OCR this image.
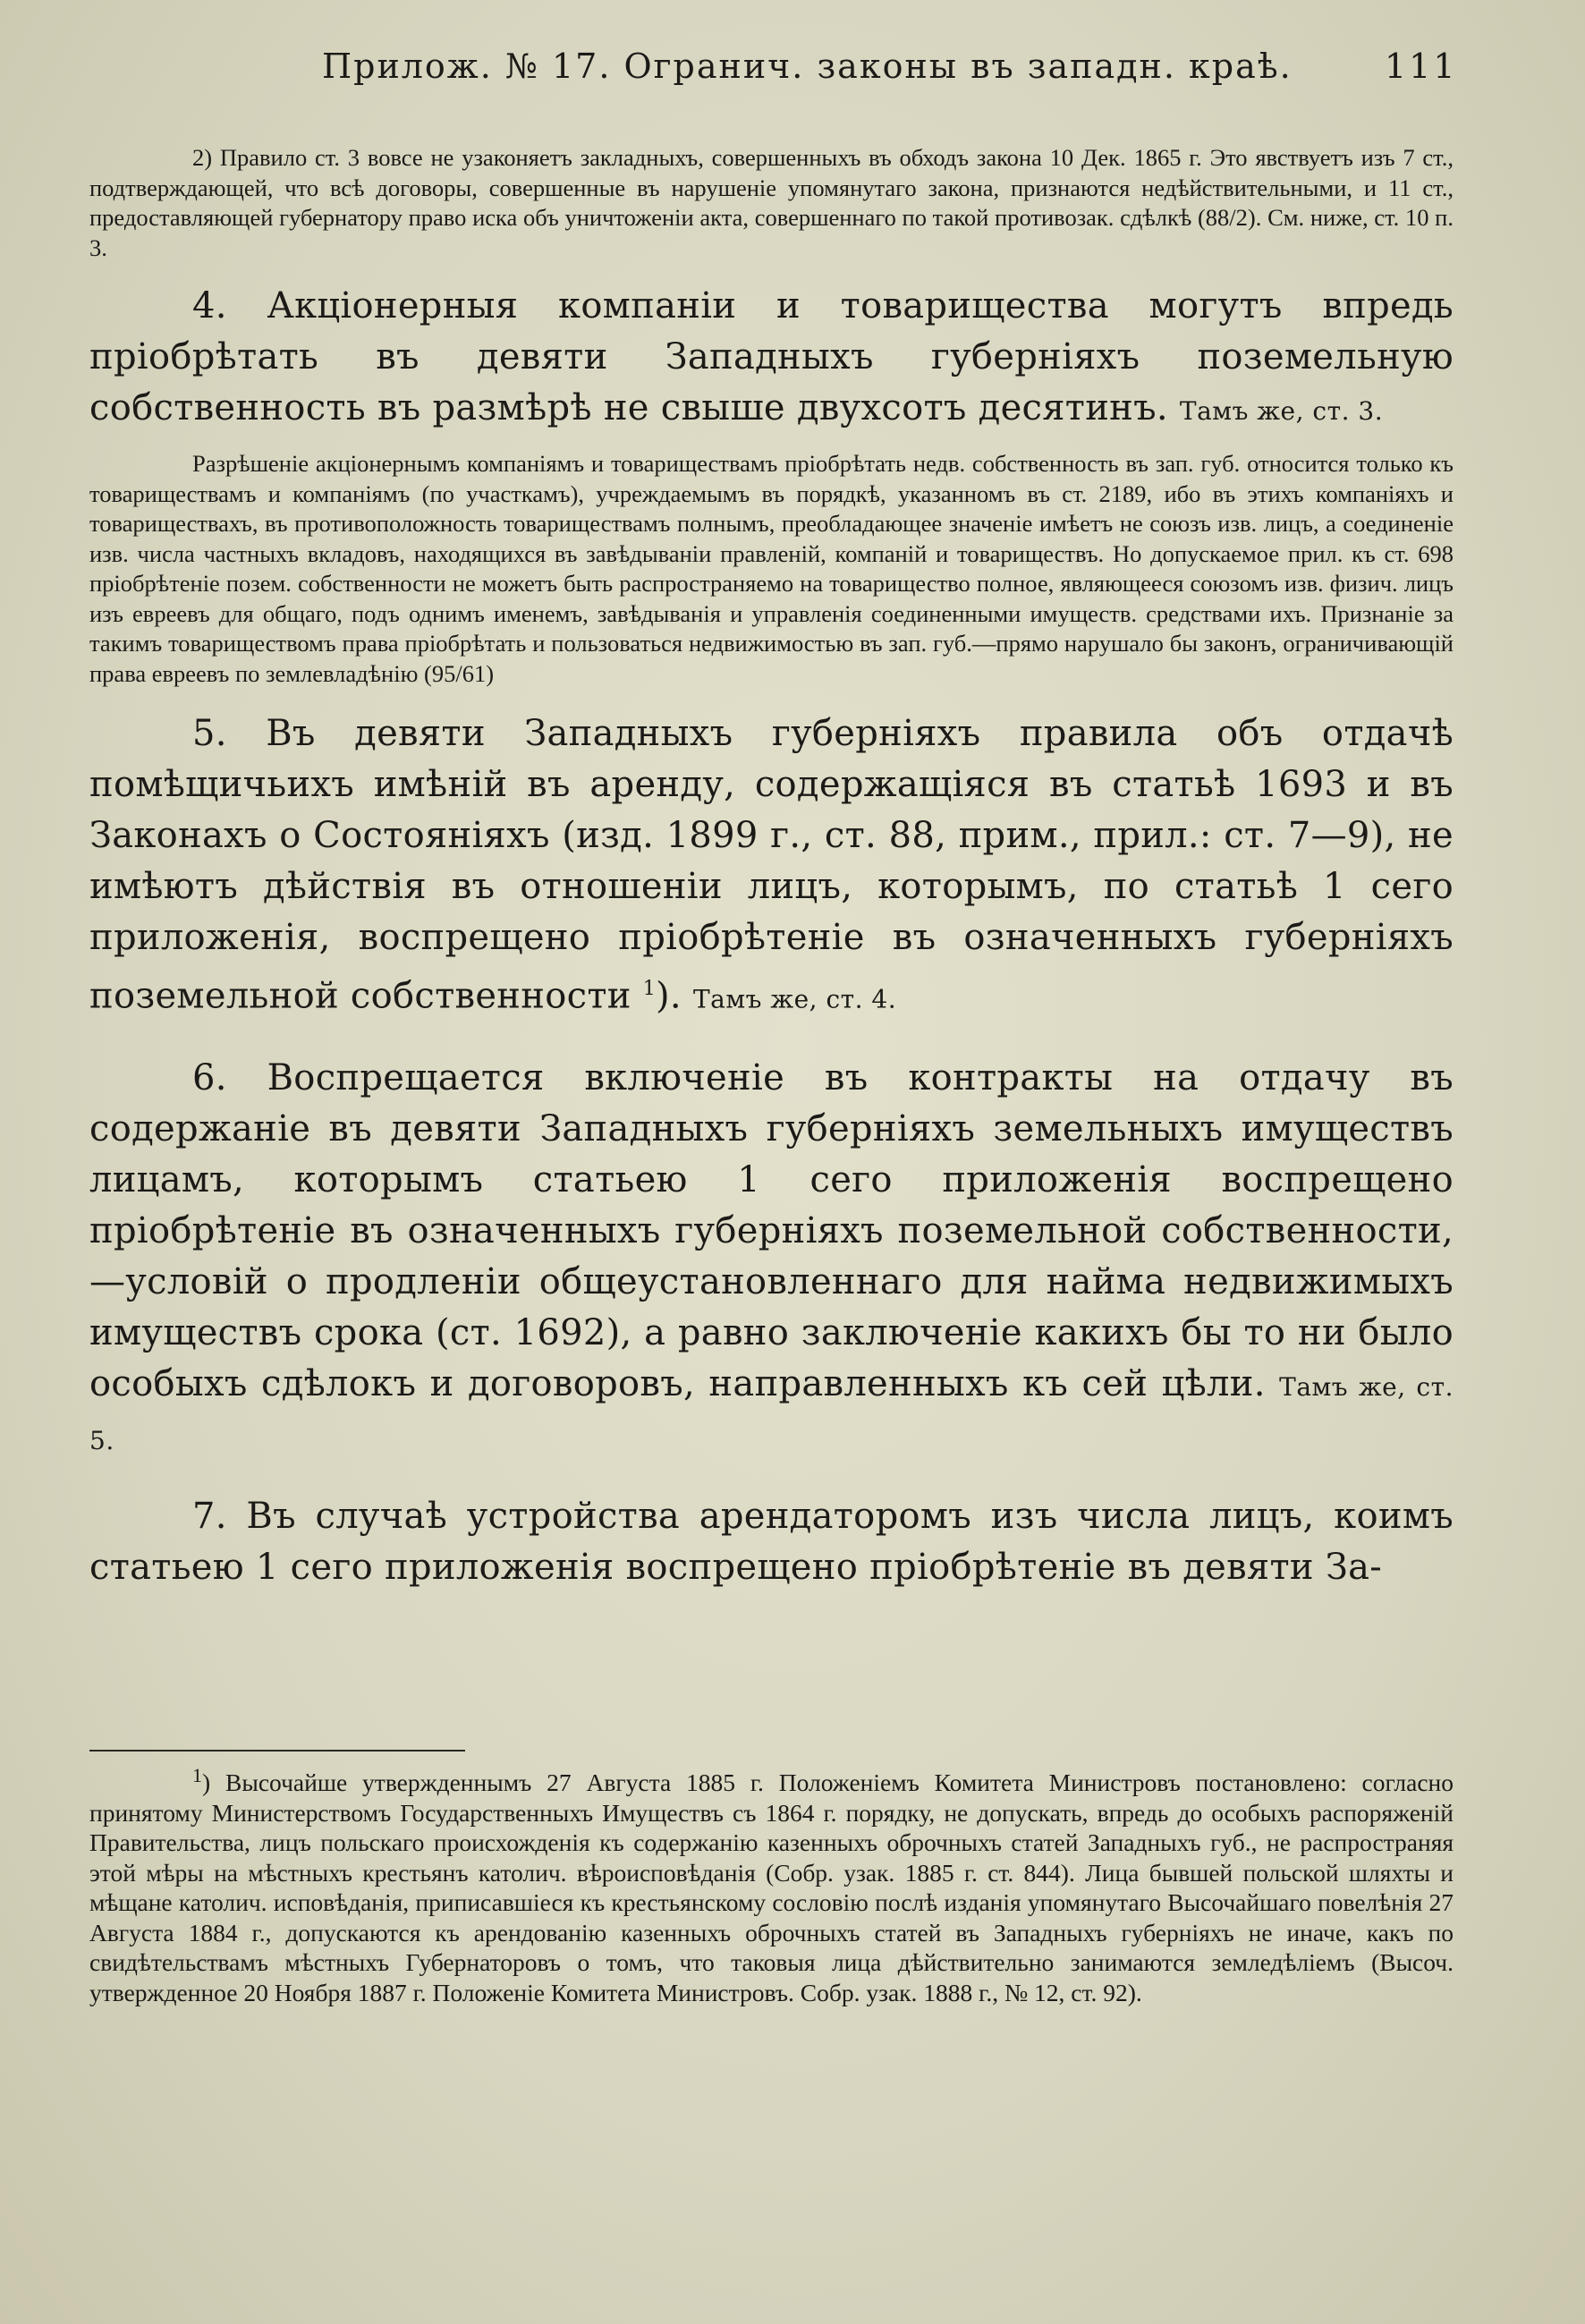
Прилож. № 17. Огранич. законы въ западн. краѣ.	111

2) Правило ст. 3 вовсе не узаконяетъ закладныхъ, совершенныхъ въ обходъ закона 10 Дек. 1865 г. Это явствуетъ изъ 7 ст., подтверждающей, что всѣ договоры, совершенные въ нарушеніе упомянутаго закона, признаются недѣйствительными, и 11 ст., предоставляющей губернатору право иска объ уничтоженіи акта, совершеннаго по такой противозак. сдѣлкѣ (88/2). См. ниже, ст. 10 п. 3.

4. Акціонерныя компаніи и товарищества могутъ впредь пріобрѣтать въ девяти Западныхъ губерніяхъ поземельную собственность въ размѣрѣ не свыше двухсотъ десятинъ. Тамъ же, ст. 3.

Разрѣшеніе акціонернымъ компаніямъ и товариществамъ пріобрѣтать недв. собственность въ зап. губ. относится только къ товариществамъ и компаніямъ (по участкамъ), учреждаемымъ въ порядкѣ, указанномъ въ ст. 2189, ибо въ этихъ компаніяхъ и товариществахъ, въ противоположность товариществамъ полнымъ, преобладающее значеніе имѣетъ не союзъ изв. лицъ, а соединеніе изв. числа частныхъ вкладовъ, находящихся въ завѣдываніи правленій, компаній и товариществъ. Но допускаемое прил. къ ст. 698 пріобрѣтеніе позем. собственности не можетъ быть распространяемо на товарищество полное, являющееся союзомъ изв. физич. лицъ изъ евреевъ для общаго, подъ однимъ именемъ, завѣдыванія и управленія соединенными имуществ. средствами ихъ. Признаніе за такимъ товариществомъ права пріобрѣтать и пользоваться недвижимостью въ зап. губ.—прямо нарушало бы законъ, ограничивающій права евреевъ по землевладѣнію (95/61)

5. Въ девяти Западныхъ губерніяхъ правила объ отдачѣ помѣщичьихъ имѣній въ аренду, содержащіяся въ статьѣ 1693 и въ Законахъ о Состояніяхъ (изд. 1899 г., ст. 88, прим., прил.: ст. 7—9), не имѣютъ дѣйствія въ отношеніи лицъ, которымъ, по статьѣ 1 сего приложенія, воспрещено пріобрѣтеніе въ означенныхъ губерніяхъ поземельной собственности $^1$). Тамъ же, ст. 4.

6. Воспрещается включеніе въ контракты на отдачу въ содержаніе въ девяти Западныхъ губерніяхъ земельныхъ имуществъ лицамъ, которымъ статьею 1 сего приложенія воспрещено пріобрѣтеніе въ означенныхъ губерніяхъ поземельной собственности,—условій о продленіи общеустановленнаго для найма недвижимыхъ имуществъ срока (ст. 1692), а равно заключеніе какихъ бы то ни было особыхъ сдѣлокъ и договоровъ, направленныхъ къ сей цѣли. Тамъ же, ст. 5.

7. Въ случаѣ устройства арендаторомъ изъ числа лицъ, коимъ статьею 1 сего приложенія воспрещено пріобрѣтеніе въ девяти За-

$^1$) Высочайше утвержденнымъ 27 Августа 1885 г. Положеніемъ Комитета Министровъ постановлено: согласно принятому Министерствомъ Государственныхъ Имуществъ съ 1864 г. порядку, не допускать, впредь до особыхъ распоряженій Правительства, лицъ польскаго происхожденія къ содержанію казенныхъ оброчныхъ статей Западныхъ губ., не распространяя этой мѣры на мѣстныхъ крестьянъ католич. вѣроисповѣданія (Собр. узак. 1885 г. ст. 844). Лица бывшей польской шляхты и мѣщане католич. исповѣданія, приписавшіеся къ крестьянскому сословію послѣ изданія упомянутаго Высочайшаго повелѣнія 27 Августа 1884 г., допускаются къ арендованію казенныхъ оброчныхъ статей въ Западныхъ губерніяхъ не иначе, какъ по свидѣтельствамъ мѣстныхъ Губернаторовъ о томъ, что таковыя лица дѣйствительно занимаются земледѣліемъ (Высоч. утвержденное 20 Ноября 1887 г. Положеніе Комитета Министровъ. Собр. узак. 1888 г., № 12, ст. 92).
